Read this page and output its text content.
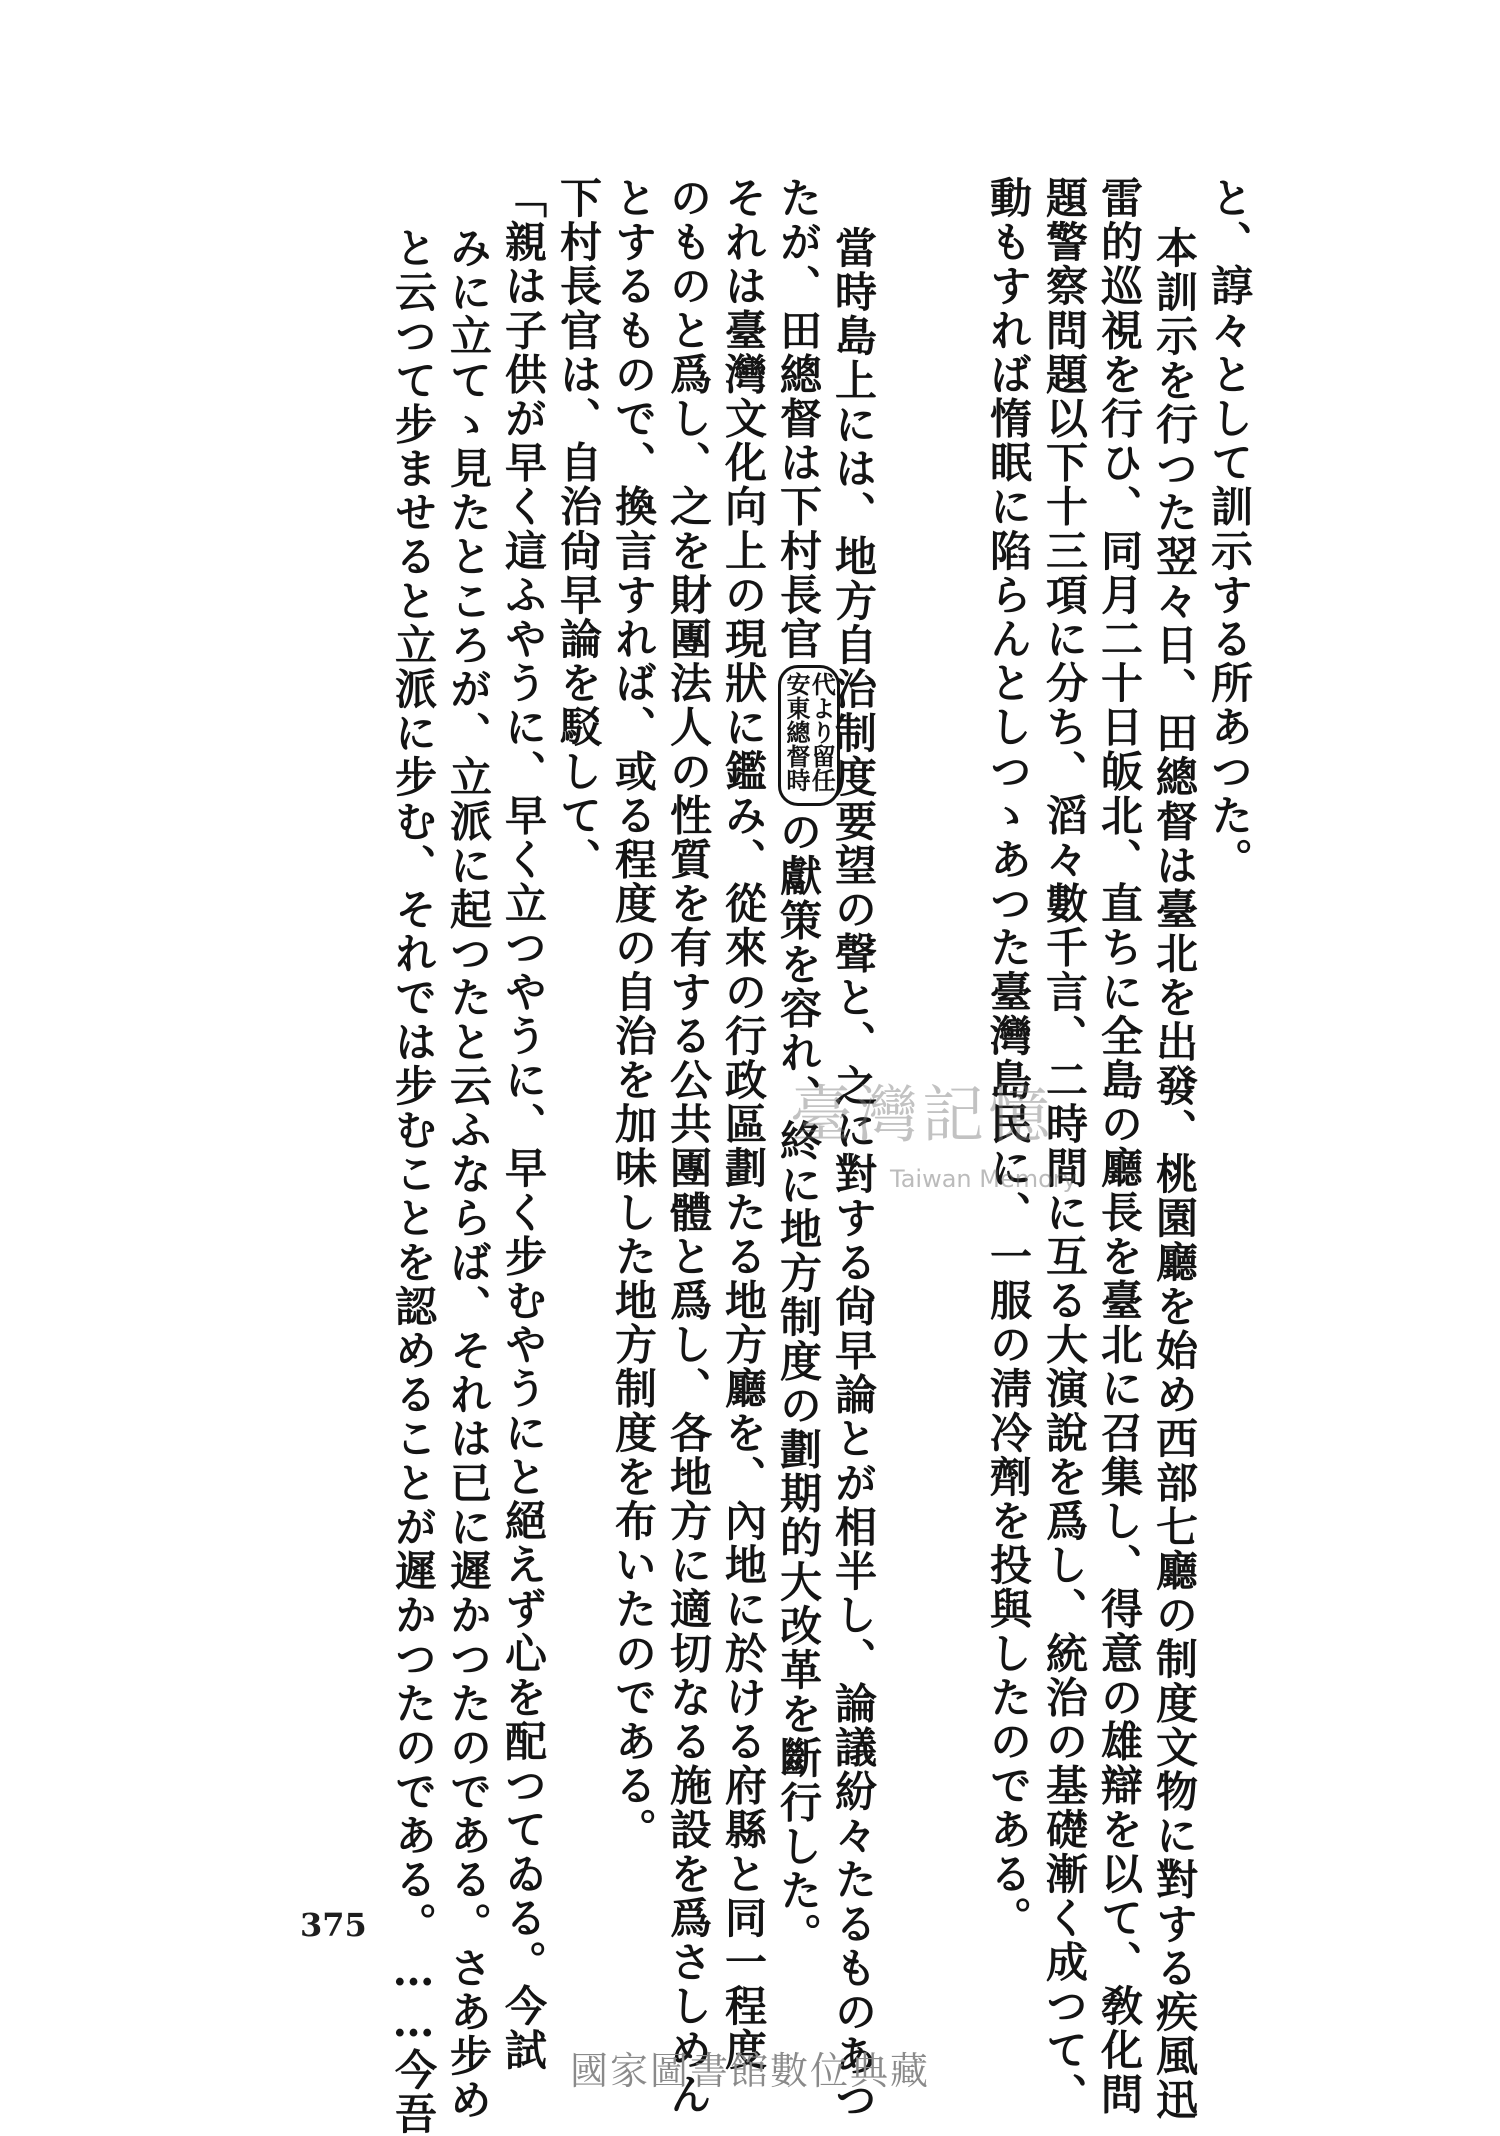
と、諄々として訓示する所あつた。
本訓示を行つた翌々日、田總督は臺北を出發、桃園廳を始め西部七廳の制度文物に對する疾風迅
雷的巡視を行ひ、同月二十日皈北、直ちに全島の廳長を臺北に召集し、得意の雄辯を以て、敎化問
題警察問題以下十三項に分ち、滔々數千言、二時間に互る大演說を爲し、統治の基礎漸く成つて、
動もすれば惰眠に陷らんとしつゝあつた臺灣島民に、一服の淸冷劑を投與したのである。
當時島上には、地方自治制度要望の聲と、之に對する尙早論とが相半し、論議紛々たるものあつ
たが、田總督は下村長官安東總督時代より留任の獻策を容れ、終に地方制度の劃期的大改革を斷行した。
それは臺灣文化向上の現狀に鑑み、從來の行政區劃たる地方廳を、內地に於ける府縣と同一程度
のものと爲し、之を財團法人の性質を有する公共團體と爲し、各地方に適切なる施設を爲さしめん
とするもので、換言すれば、或る程度の自治を加味した地方制度を布いたのである。
下村長官は、自治尙早論を駁して、
「親は子供が早く這ふやうに、早く立つやうに、早く步むやうにと絕えず心を配つてゐる。今試
みに立てゝ見たところが、立派に起つたと云ふならば、それは已に遲かつたのである。さあ步め
と云つて步ませると立派に步む、それでは步むことを認めることが遲かつたのである。……今吾	臺灣記憶
Taiwan Memory
375
國家圖書館數位典藏
